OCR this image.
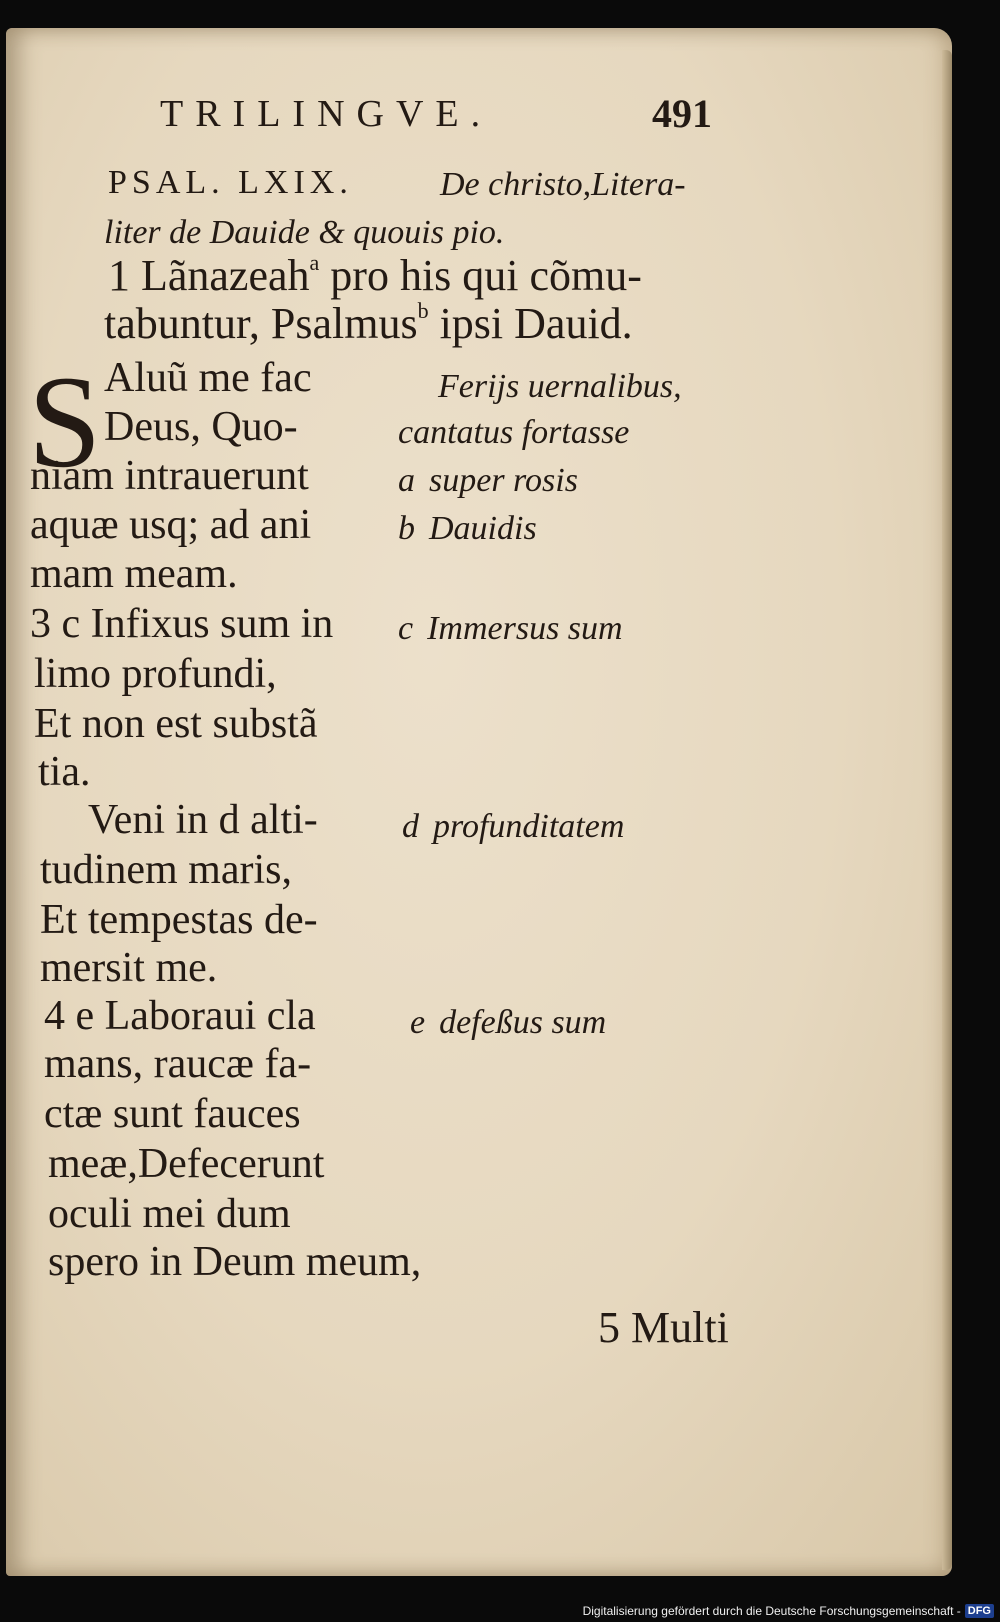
TRILINGVE.	491
PSAL. LXIX.	De christo,Litera-
liter de Dauide & quouis pio.
1 Lãnazeah$^a$ pro his qui cõmu-
tabuntur, Psalmus$^b$ ipsi Dauid.
S Aluũ me fac
Deus, Quo-
niam intrauerunt
aquæ usq; ad ani
mam meam.
3 c Infixus sum in
limo profundi,
Et non est substã
tia.
Veni in d alti-
tudinem maris,
Et tempestas de-
mersit me.
4 e Laboraui cla
mans, raucæ fa-
ctæ sunt fauces
meæ,Defecerunt
oculi mei dum
spero in Deum meum,
Ferijs uernalibus,
cantatus fortasse
a super rosis
b Dauidis
c Immersus sum
d profunditatem
e defeßus sum
5 Multi
Digitalisierung gefördert durch die Deutsche Forschungsgemeinschaft - DFG
